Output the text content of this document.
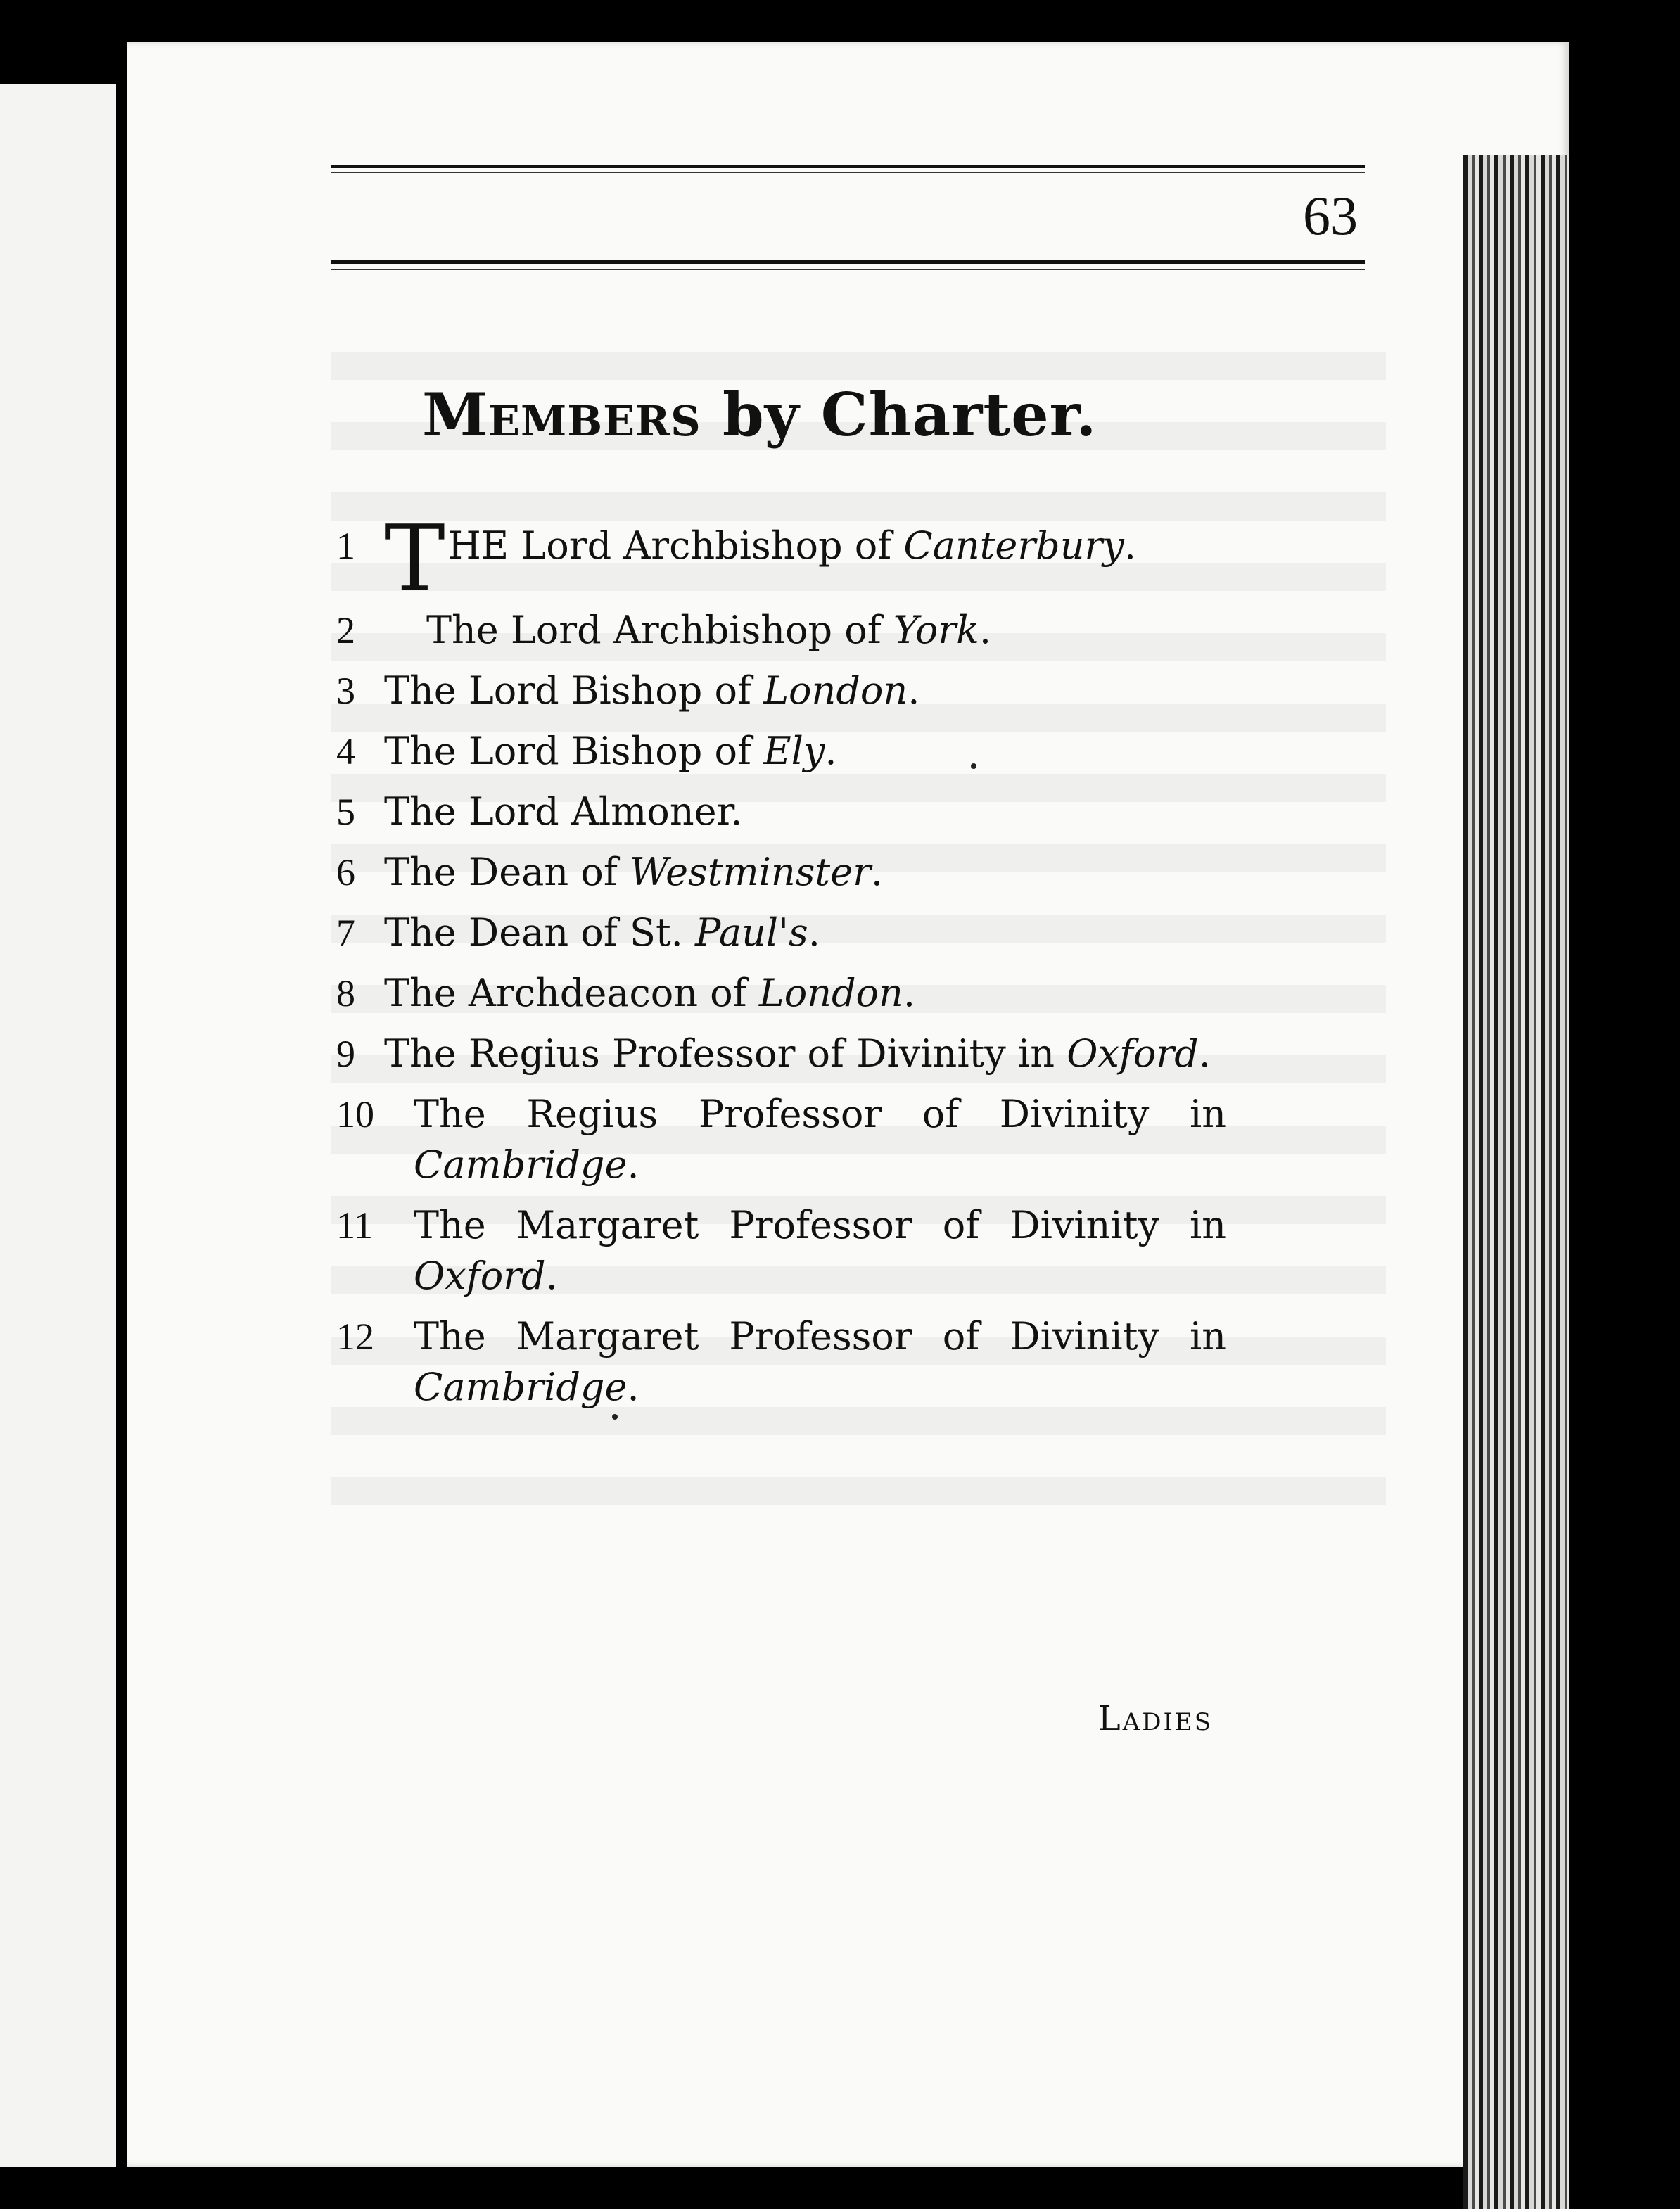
63
Members by Charter.
1 THE Lord Archbishop of Canterbury.
2	The Lord Archbishop of York.
3 The Lord Bishop of London.
4 The Lord Bishop of Ely.
5 The Lord Almoner.
6 The Dean of Westminster.
7 The Dean of St. Paul's.
8 The Archdeacon of London.
9 The Regius Professor of Divinity in Oxford.
10	The Regius Professor of Divinity in Cambridge.
11	The Margaret Professor of Divinity in Oxford.
12	The Margaret Professor of Divinity in Cambridge.
Ladies
